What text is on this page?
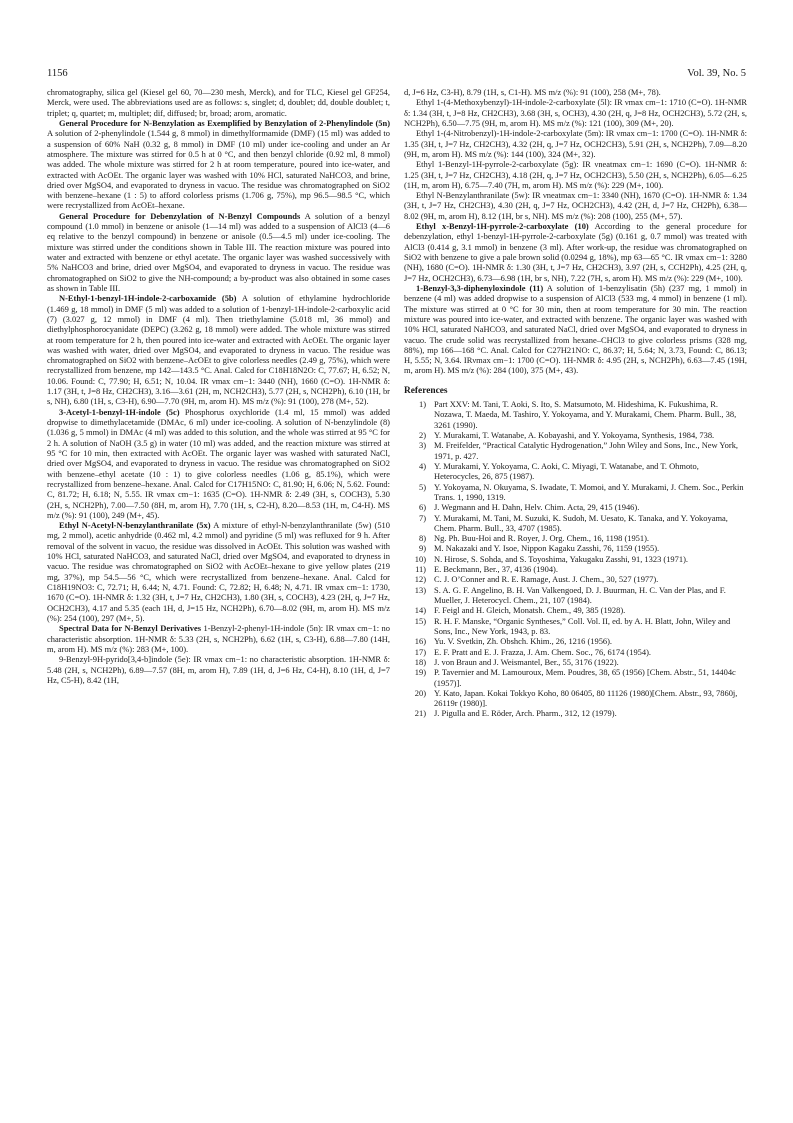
1156	Vol. 39, No. 5

chromatography, silica gel (Kiesel gel 60, 70—230 mesh, Merck), and for TLC, Kiesel gel GF254, Merck, were used. The abbreviations used are as follows: s, singlet; d, doublet; dd, double doublet; t, triplet; q, quartet; m, multiplet; dif, diffused; br, broad; arom, aromatic.

General Procedure for N-Benzylation as Exemplified by Benzylation of 2-Phenylindole (5n) A solution of 2-phenylindole (1.544 g, 8 mmol) in dimethylformamide (DMF) (15 ml) was added to a suspension of 60% NaH (0.32 g, 8 mmol) in DMF (10 ml) under ice-cooling and under an Ar atmosphere. The mixture was stirred for 0.5 h at 0 °C, and then benzyl chloride (0.92 ml, 8 mmol) was added. The whole mixture was stirred for 2 h at room temperature, poured into ice-water, and extracted with AcOEt. The organic layer was washed with 10% HCl, saturated NaHCO3, and brine, dried over MgSO4, and evaporated to dryness in vacuo. The residue was chromatographed on SiO2 with benzene–hexane (1 : 5) to afford colorless prisms (1.706 g, 75%), mp 96.5—98.5 °C, which were recrystallized from AcOEt–hexane.

General Procedure for Debenzylation of N-Benzyl Compounds A solution of a benzyl compound (1.0 mmol) in benzene or anisole (1—14 ml) was added to a suspension of AlCl3 (4—6 eq relative to the benzyl compound) in benzene or anisole (0.5—4.5 ml) under ice-cooling. The mixture was stirred under the conditions shown in Table III. The reaction mixture was poured into water and extracted with benzene or ethyl acetate. The organic layer was washed successively with 5% NaHCO3 and brine, dried over MgSO4, and evaporated to dryness in vacuo. The residue was chromatographed on SiO2 to give the NH-compound; a by-product was also obtained in some cases as shown in Table III.

N-Ethyl-1-benzyl-1H-indole-2-carboxamide (5b) A solution of ethylamine hydrochloride (1.469 g, 18 mmol) in DMF (5 ml) was added to a solution of 1-benzyl-1H-indole-2-carboxylic acid (7) (3.027 g, 12 mmol) in DMF (4 ml). Then triethylamine (5.018 ml, 36 mmol) and diethylphosphorocyanidate (DEPC) (3.262 g, 18 mmol) were added. The whole mixture was stirred at room temperature for 2 h, then poured into ice-water and extracted with AcOEt. The organic layer was washed with water, dried over MgSO4, and evaporated to dryness in vacuo. The residue was chromatographed on SiO2 with benzene–AcOEt to give colorless needles (2.49 g, 75%), which were recrystallized from benzene, mp 142—143.5 °C. Anal. Calcd for C18H18N2O: C, 77.67; H, 6.52; N, 10.06. Found: C, 77.90; H, 6.51; N, 10.04. IR νmax cm−1: 3440 (NH), 1660 (C=O). 1H-NMR δ: 1.17 (3H, t, J=8 Hz, CH2CH3), 3.16—3.61 (2H, m, NCH2CH3), 5.77 (2H, s, NCH2Ph), 6.10 (1H, br s, NH), 6.80 (1H, s, C3-H), 6.90—7.70 (9H, m, arom H). MS m/z (%): 91 (100), 278 (M+, 52).

3-Acetyl-1-benzyl-1H-indole (5c) Phosphorus oxychloride (1.4 ml, 15 mmol) was added dropwise to dimethylacetamide (DMAc, 6 ml) under ice-cooling. A solution of N-benzylindole (8) (1.036 g, 5 mmol) in DMAc (4 ml) was added to this solution, and the whole was stirred at 95 °C for 2 h. A solution of NaOH (3.5 g) in water (10 ml) was added, and the reaction mixture was stirred at 95 °C for 10 min, then extracted with AcOEt. The organic layer was washed with saturated NaCl, dried over MgSO4, and evaporated to dryness in vacuo. The residue was chromatographed on SiO2 with benzene–ethyl acetate (10 : 1) to give colorless needles (1.06 g, 85.1%), which were recrystallized from benzene–hexane. Anal. Calcd for C17H15NO: C, 81.90; H, 6.06; N, 5.62. Found: C, 81.72; H, 6.18; N, 5.55. IR νmax cm−1: 1635 (C=O). 1H-NMR δ: 2.49 (3H, s, COCH3), 5.30 (2H, s, NCH2Ph), 7.00—7.50 (8H, m, arom H), 7.70 (1H, s, C2-H), 8.20—8.53 (1H, m, C4-H). MS m/z (%): 91 (100), 249 (M+, 45).

Ethyl N-Acetyl-N-benzylanthranilate (5x) A mixture of ethyl-N-benzylanthranilate (5w) (510 mg, 2 mmol), acetic anhydride (0.462 ml, 4.2 mmol) and pyridine (5 ml) was refluxed for 9 h. After removal of the solvent in vacuo, the residue was dissolved in AcOEt. This solution was washed with 10% HCl, saturated NaHCO3, and saturated NaCl, dried over MgSO4, and evaporated to dryness in vacuo. The residue was chromatographed on SiO2 with AcOEt–hexane to give yellow plates (219 mg, 37%), mp 54.5—56 °C, which were recrystallized from benzene–hexane. Anal. Calcd for C18H19NO3: C, 72.71; H, 6.44; N, 4.71. Found: C, 72.82; H, 6.48; N, 4.71. IR νmax cm−1: 1730, 1670 (C=O). 1H-NMR δ: 1.32 (3H, t, J=7 Hz, CH2CH3), 1.80 (3H, s, COCH3), 4.23 (2H, q, J=7 Hz, OCH2CH3), 4.17 and 5.35 (each 1H, d, J=15 Hz, NCH2Ph), 6.70—8.02 (9H, m, arom H). MS m/z (%): 254 (100), 297 (M+, 5).

Spectral Data for N-Benzyl Derivatives 1-Benzyl-2-phenyl-1H-indole (5n): IR νmax cm−1: no characteristic absorption. 1H-NMR δ: 5.33 (2H, s, NCH2Ph), 6.62 (1H, s, C3-H), 6.88—7.80 (14H, m, arom H). MS m/z (%): 283 (M+, 100).

9-Benzyl-9H-pyrido[3,4-b]indole (5e): IR νmax cm−1: no characteristic absorption. 1H-NMR δ: 5.48 (2H, s, NCH2Ph), 6.89—7.57 (8H, m, arom H), 7.89 (1H, d, J=6 Hz, C4-H), 8.10 (1H, d, J=7 Hz, C5-H), 8.42 (1H,

d, J=6 Hz, C3-H), 8.79 (1H, s, C1-H). MS m/z (%): 91 (100), 258 (M+, 78).

Ethyl 1-(4-Methoxybenzyl)-1H-indole-2-carboxylate (5l): IR νmax cm−1: 1710 (C=O). 1H-NMR δ: 1.34 (3H, t, J=8 Hz, CH2CH3), 3.68 (3H, s, OCH3), 4.30 (2H, q, J=8 Hz, OCH2CH3), 5.72 (2H, s, NCH2Ph), 6.50—7.75 (9H, m, arom H). MS m/z (%): 121 (100), 309 (M+, 20).

Ethyl 1-(4-Nitrobenzyl)-1H-indole-2-carboxylate (5m): IR νmax cm−1: 1700 (C=O). 1H-NMR δ: 1.35 (3H, t, J=7 Hz, CH2CH3), 4.32 (2H, q, J=7 Hz, OCH2CH3), 5.91 (2H, s, NCH2Ph), 7.09—8.20 (9H, m, arom H). MS m/z (%): 144 (100), 324 (M+, 32).

Ethyl 1-Benzyl-1H-pyrrole-2-carboxylate (5g): IR νneatmax cm−1: 1690 (C=O). 1H-NMR δ: 1.25 (3H, t, J=7 Hz, CH2CH3), 4.18 (2H, q, J=7 Hz, OCH2CH3), 5.50 (2H, s, NCH2Ph), 6.05—6.25 (1H, m, arom H), 6.75—7.40 (7H, m, arom H). MS m/z (%): 229 (M+, 100).

Ethyl N-Benzylanthranilate (5w): IR νneatmax cm−1: 3340 (NH), 1670 (C=O). 1H-NMR δ: 1.34 (3H, t, J=7 Hz, CH2CH3), 4.30 (2H, q, J=7 Hz, OCH2CH3), 4.42 (2H, d, J=7 Hz, CH2Ph), 6.38—8.02 (9H, m, arom H), 8.12 (1H, br s, NH). MS m/z (%): 208 (100), 255 (M+, 57).

Ethyl x-Benzyl-1H-pyrrole-2-carboxylate (10) According to the general procedure for debenzylation, ethyl 1-benzyl-1H-pyrrole-2-carboxylate (5g) (0.161 g, 0.7 mmol) was treated with AlCl3 (0.414 g, 3.1 mmol) in benzene (3 ml). After work-up, the residue was chromatographed on SiO2 with benzene to give a pale brown solid (0.0294 g, 18%), mp 63—65 °C. IR νmax cm−1: 3280 (NH), 1680 (C=O). 1H-NMR δ: 1.30 (3H, t, J=7 Hz, CH2CH3), 3.97 (2H, s, CCH2Ph), 4.25 (2H, q, J=7 Hz, OCH2CH3), 6.73—6.98 (1H, br s, NH), 7.22 (7H, s, arom H). MS m/z (%): 229 (M+, 100).

1-Benzyl-3,3-diphenyloxindole (11) A solution of 1-benzylisatin (5h) (237 mg, 1 mmol) in benzene (4 ml) was added dropwise to a suspension of AlCl3 (533 mg, 4 mmol) in benzene (1 ml). The mixture was stirred at 0 °C for 30 min, then at room temperature for 30 min. The reaction mixture was poured into ice-water, and extracted with benzene. The organic layer was washed with 10% HCl, saturated NaHCO3, and saturated NaCl, dried over MgSO4, and evaporated to dryness in vacuo. The crude solid was recrystallized from hexane–CHCl3 to give colorless prisms (328 mg, 88%), mp 166—168 °C. Anal. Calcd for C27H21NO: C, 86.37; H, 5.64; N, 3.73, Found: C, 86.13; H, 5.55; N, 3.64. IRνmax cm−1: 1700 (C=O). 1H-NMR δ: 4.95 (2H, s, NCH2Ph), 6.63—7.45 (19H, m, arom H). MS m/z (%): 284 (100), 375 (M+, 43).

References
1) Part XXV: M. Tani, T. Aoki, S. Ito, S. Matsumoto, M. Hideshima, K. Fukushima, R. Nozawa, T. Maeda, M. Tashiro, Y. Yokoyama, and Y. Murakami, Chem. Pharm. Bull., 38, 3261 (1990).
2) Y. Murakami, T. Watanabe, A. Kobayashi, and Y. Yokoyama, Synthesis, 1984, 738.
3) M. Freifelder, “Practical Catalytic Hydrogenation,” John Wiley and Sons, Inc., New York, 1971, p. 427.
4) Y. Murakami, Y. Yokoyama, C. Aoki, C. Miyagi, T. Watanabe, and T. Ohmoto, Heterocycles, 26, 875 (1987).
5) Y. Yokoyama, N. Okuyama, S. Iwadate, T. Momoi, and Y. Murakami, J. Chem. Soc., Perkin Trans. 1, 1990, 1319.
6) J. Wegmann and H. Dahn, Helv. Chim. Acta, 29, 415 (1946).
7) Y. Murakami, M. Tani, M. Suzuki, K. Sudoh, M. Uesato, K. Tanaka, and Y. Yokoyama, Chem. Pharm. Bull., 33, 4707 (1985).
8) Ng. Ph. Buu-Hoi and R. Royer, J. Org. Chem., 16, 1198 (1951).
9) M. Nakazaki and Y. Isoe, Nippon Kagaku Zasshi, 76, 1159 (1955).
10) N. Hirose, S. Sohda, and S. Toyoshima, Yakugaku Zasshi, 91, 1323 (1971).
11) E. Beckmann, Ber., 37, 4136 (1904).
12) C. J. O’Conner and R. E. Ramage, Aust. J. Chem., 30, 527 (1977).
13) S. A. G. F. Angelino, B. H. Van Valkengoed, D. J. Buurman, H. C. Van der Plas, and F. Mueller, J. Heterocycl. Chem., 21, 107 (1984).
14) F. Feigl and H. Gleich, Monatsh. Chem., 49, 385 (1928).
15) R. H. F. Manske, “Organic Syntheses,” Coll. Vol. II, ed. by A. H. Blatt, John, Wiley and Sons, Inc., New York, 1943, p. 83.
16) Yu. V. Svetkin, Zh. Obshch. Khim., 26, 1216 (1956).
17) E. F. Pratt and E. J. Frazza, J. Am. Chem. Soc., 76, 6174 (1954).
18) J. von Braun and J. Weismantel, Ber., 55, 3176 (1922).
19) P. Tavernier and M. Lamouroux, Mem. Poudres, 38, 65 (1956) [Chem. Abstr., 51, 14404c (1957)].
20) Y. Kato, Japan. Kokai Tokkyo Koho, 80 06405, 80 11126 (1980)[Chem. Abstr., 93, 7860j, 26119r (1980)].
21) J. Pigulla and E. Röder, Arch. Pharm., 312, 12 (1979).
